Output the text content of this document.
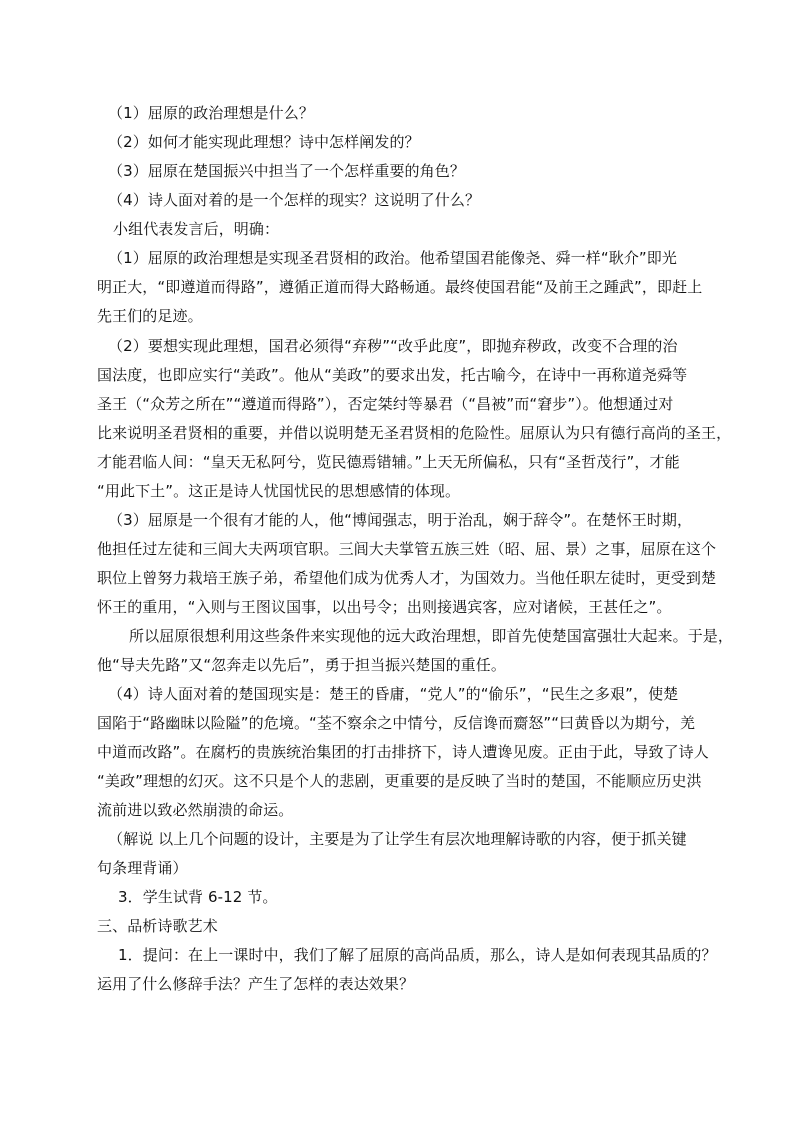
（1）屈原的政治理想是什么？
（2）如何才能实现此理想？诗中怎样阐发的？
（3）屈原在楚国振兴中担当了一个怎样重要的角色？
（4）诗人面对着的是一个怎样的现实？这说明了什么？
小组代表发言后，明确：
（1）屈原的政治理想是实现圣君贤相的政治。他希望国君能像尧、舜一样“耿介”即光
明正大，“即遵道而得路”，遵循正道而得大路畅通。最终使国君能“及前王之踵武”，即赶上
先王们的足迹。
（2）要想实现此理想，国君必须得“弃秽”“改乎此度”，即抛弃秽政，改变不合理的治
国法度，也即应实行“美政”。他从“美政”的要求出发，托古喻今，在诗中一再称道尧舜等
圣王（“众芳之所在”“遵道而得路”），否定桀纣等暴君（“昌被”而“窘步”）。他想通过对
比来说明圣君贤相的重要，并借以说明楚无圣君贤相的危险性。屈原认为只有德行高尚的圣王，
才能君临人间：“皇天无私阿兮，览民德焉错辅。”上天无所偏私，只有“圣哲茂行”，才能
“用此下土”。这正是诗人忧国忧民的思想感情的体现。
（3）屈原是一个很有才能的人，他“博闻强志，明于治乱，娴于辞令”。在楚怀王时期，
他担任过左徒和三闾大夫两项官职。三闾大夫掌管五族三姓（昭、屈、景）之事，屈原在这个
职位上曾努力栽培王族子弟，希望他们成为优秀人才，为国效力。当他任职左徒时，更受到楚
怀王的重用，“入则与王图议国事，以出号令；出则接遇宾客，应对诸候，王甚任之”。
所以屈原很想利用这些条件来实现他的远大政治理想，即首先使楚国富强壮大起来。于是，
他“导夫先路”又“忽奔走以先后”，勇于担当振兴楚国的重任。
（4）诗人面对着的楚国现实是：楚王的昏庸，“党人”的“偷乐”，“民生之多艰”，使楚
国陷于“路幽昧以险隘”的危境。“荃不察余之中情兮，反信谗而齌怒”“曰黄昏以为期兮，羌
中道而改路”。在腐朽的贵族统治集团的打击排挤下，诗人遭谗见废。正由于此，导致了诗人
“美政”理想的幻灭。这不只是个人的悲剧，更重要的是反映了当时的楚国，不能顺应历史洪
流前进以致必然崩溃的命运。
（解说 以上几个问题的设计，主要是为了让学生有层次地理解诗歌的内容，便于抓关键
句条理背诵）
3．学生试背 6-12 节。
三、品析诗歌艺术
1．提问：在上一课时中，我们了解了屈原的高尚品质，那么，诗人是如何表现其品质的？
运用了什么修辞手法？产生了怎样的表达效果？
